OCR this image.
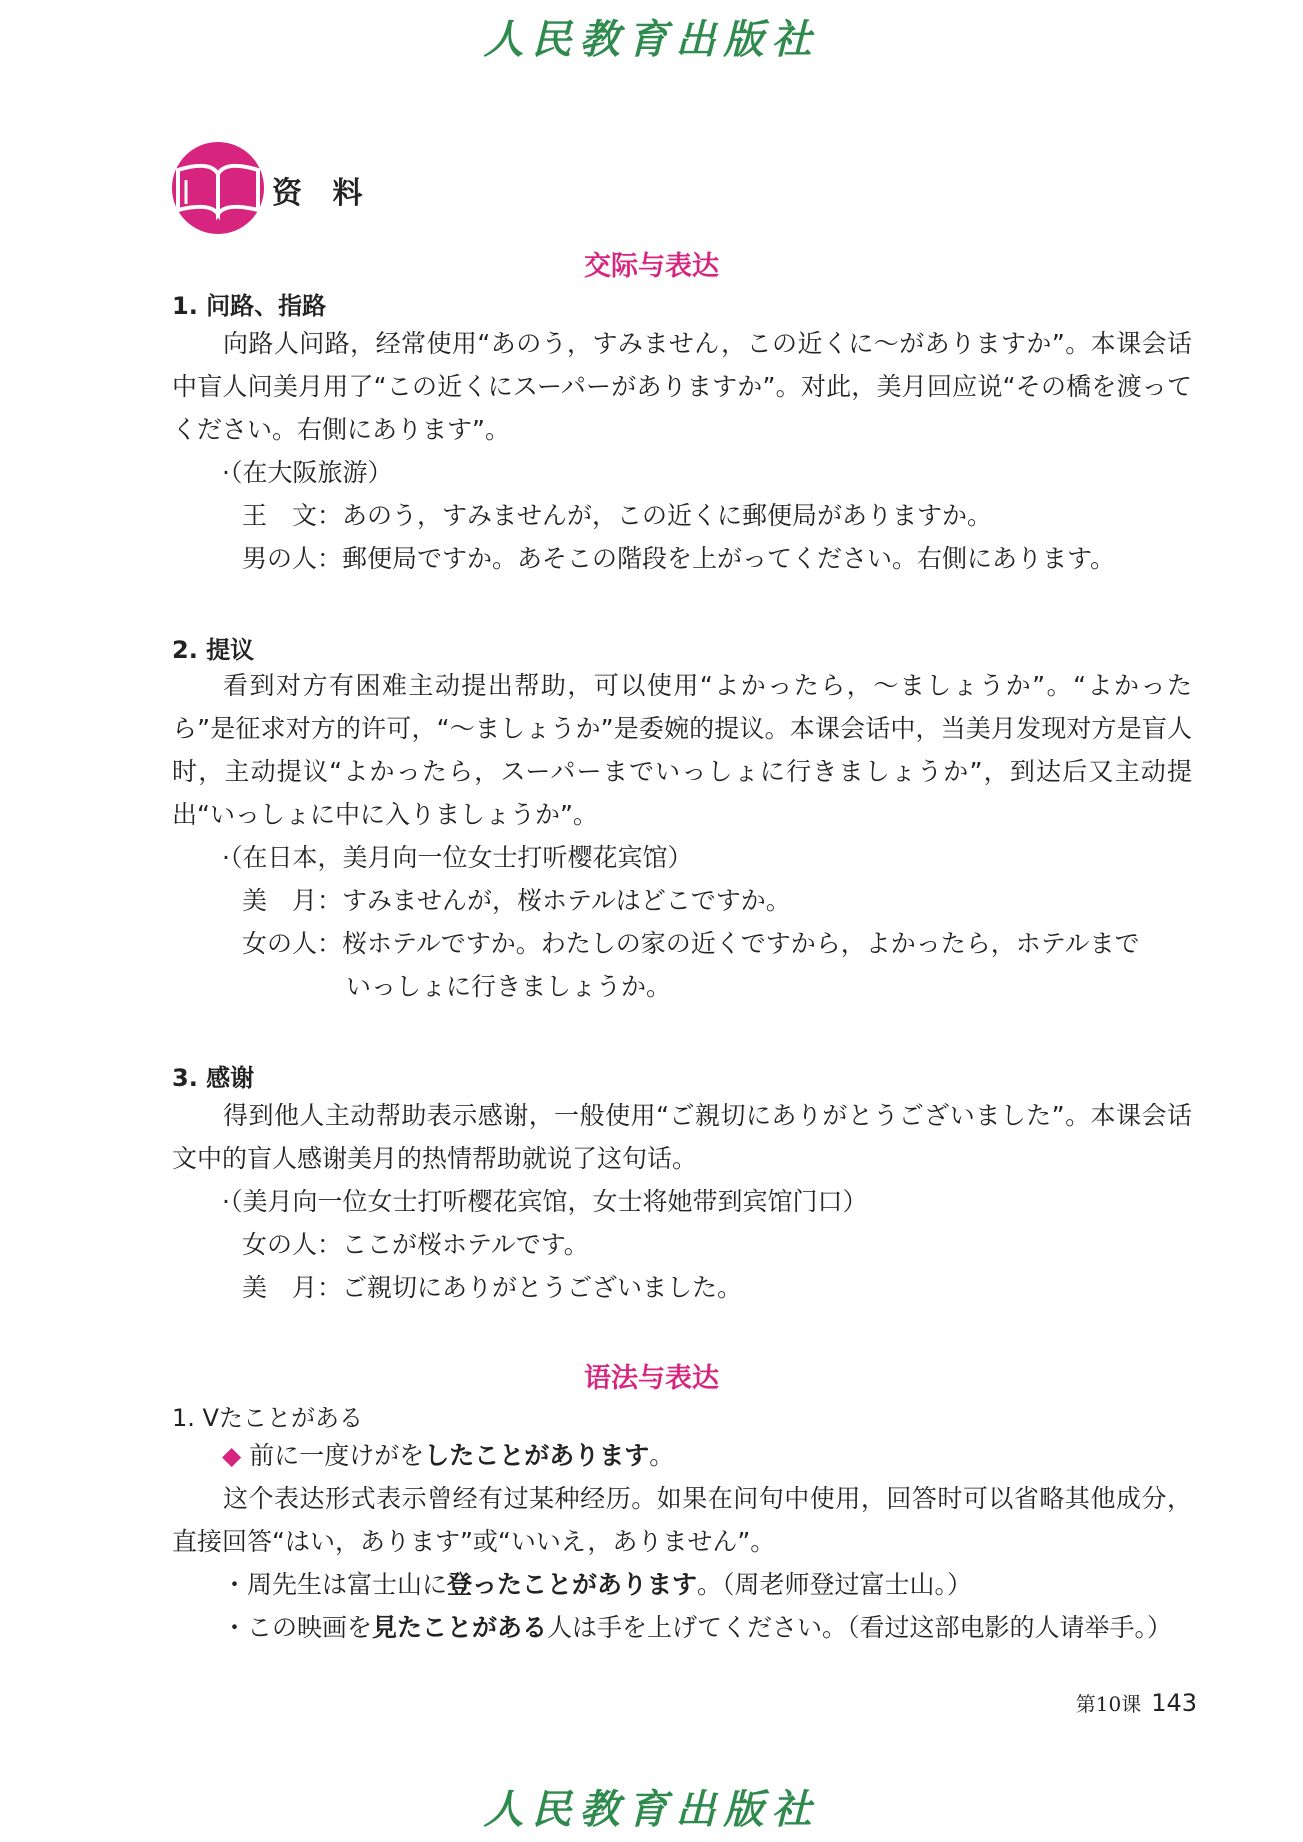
人民教育出版社
资 料
交际与表达
1. 问路、指路

向路人问路，经常使用“あのう，すみません，この近くに～がありますか”。本课会话中盲人问美月用了“この近くにスーパーがありますか”。对此，美月回应说“その橋を渡ってください。右側にあります”。

·（在大阪旅游）
王　文：あのう，すみませんが，この近くに郵便局がありますか。
男の人：郵便局ですか。あそこの階段を上がってください。右側にあります。
2. 提议

看到对方有困难主动提出帮助，可以使用“よかったら，～ましょうか”。“よかったら”是征求对方的许可，“～ましょうか”是委婉的提议。本课会话中，当美月发现对方是盲人时，主动提议“よかったら，スーパーまでいっしょに行きましょうか”，到达后又主动提出“いっしょに中に入りましょうか”。

·（在日本，美月向一位女士打听樱花宾馆）
美　月：すみませんが，桜ホテルはどこですか。
女の人：桜ホテルですか。わたしの家の近くですから，よかったら，ホテルまで
いっしょに行きましょうか。
3. 感谢

得到他人主动帮助表示感谢，一般使用“ご親切にありがとうございました”。本课会话文中的盲人感谢美月的热情帮助就说了这句话。

·（美月向一位女士打听樱花宾馆，女士将她带到宾馆门口）
女の人：ここが桜ホテルです。
美　月：ご親切にありがとうございました。
语法与表达
1. Vたことがある
◆ 前に一度けがをしたことがあります。

这个表达形式表示曾经有过某种经历。如果在问句中使用，回答时可以省略其他成分，直接回答“はい，あります”或“いいえ，ありません”。

・周先生は富士山に登ったことがあります。（周老师登过富士山。）
・この映画を見たことがある人は手を上げてください。（看过这部电影的人请举手。）
第10课 143
人民教育出版社
